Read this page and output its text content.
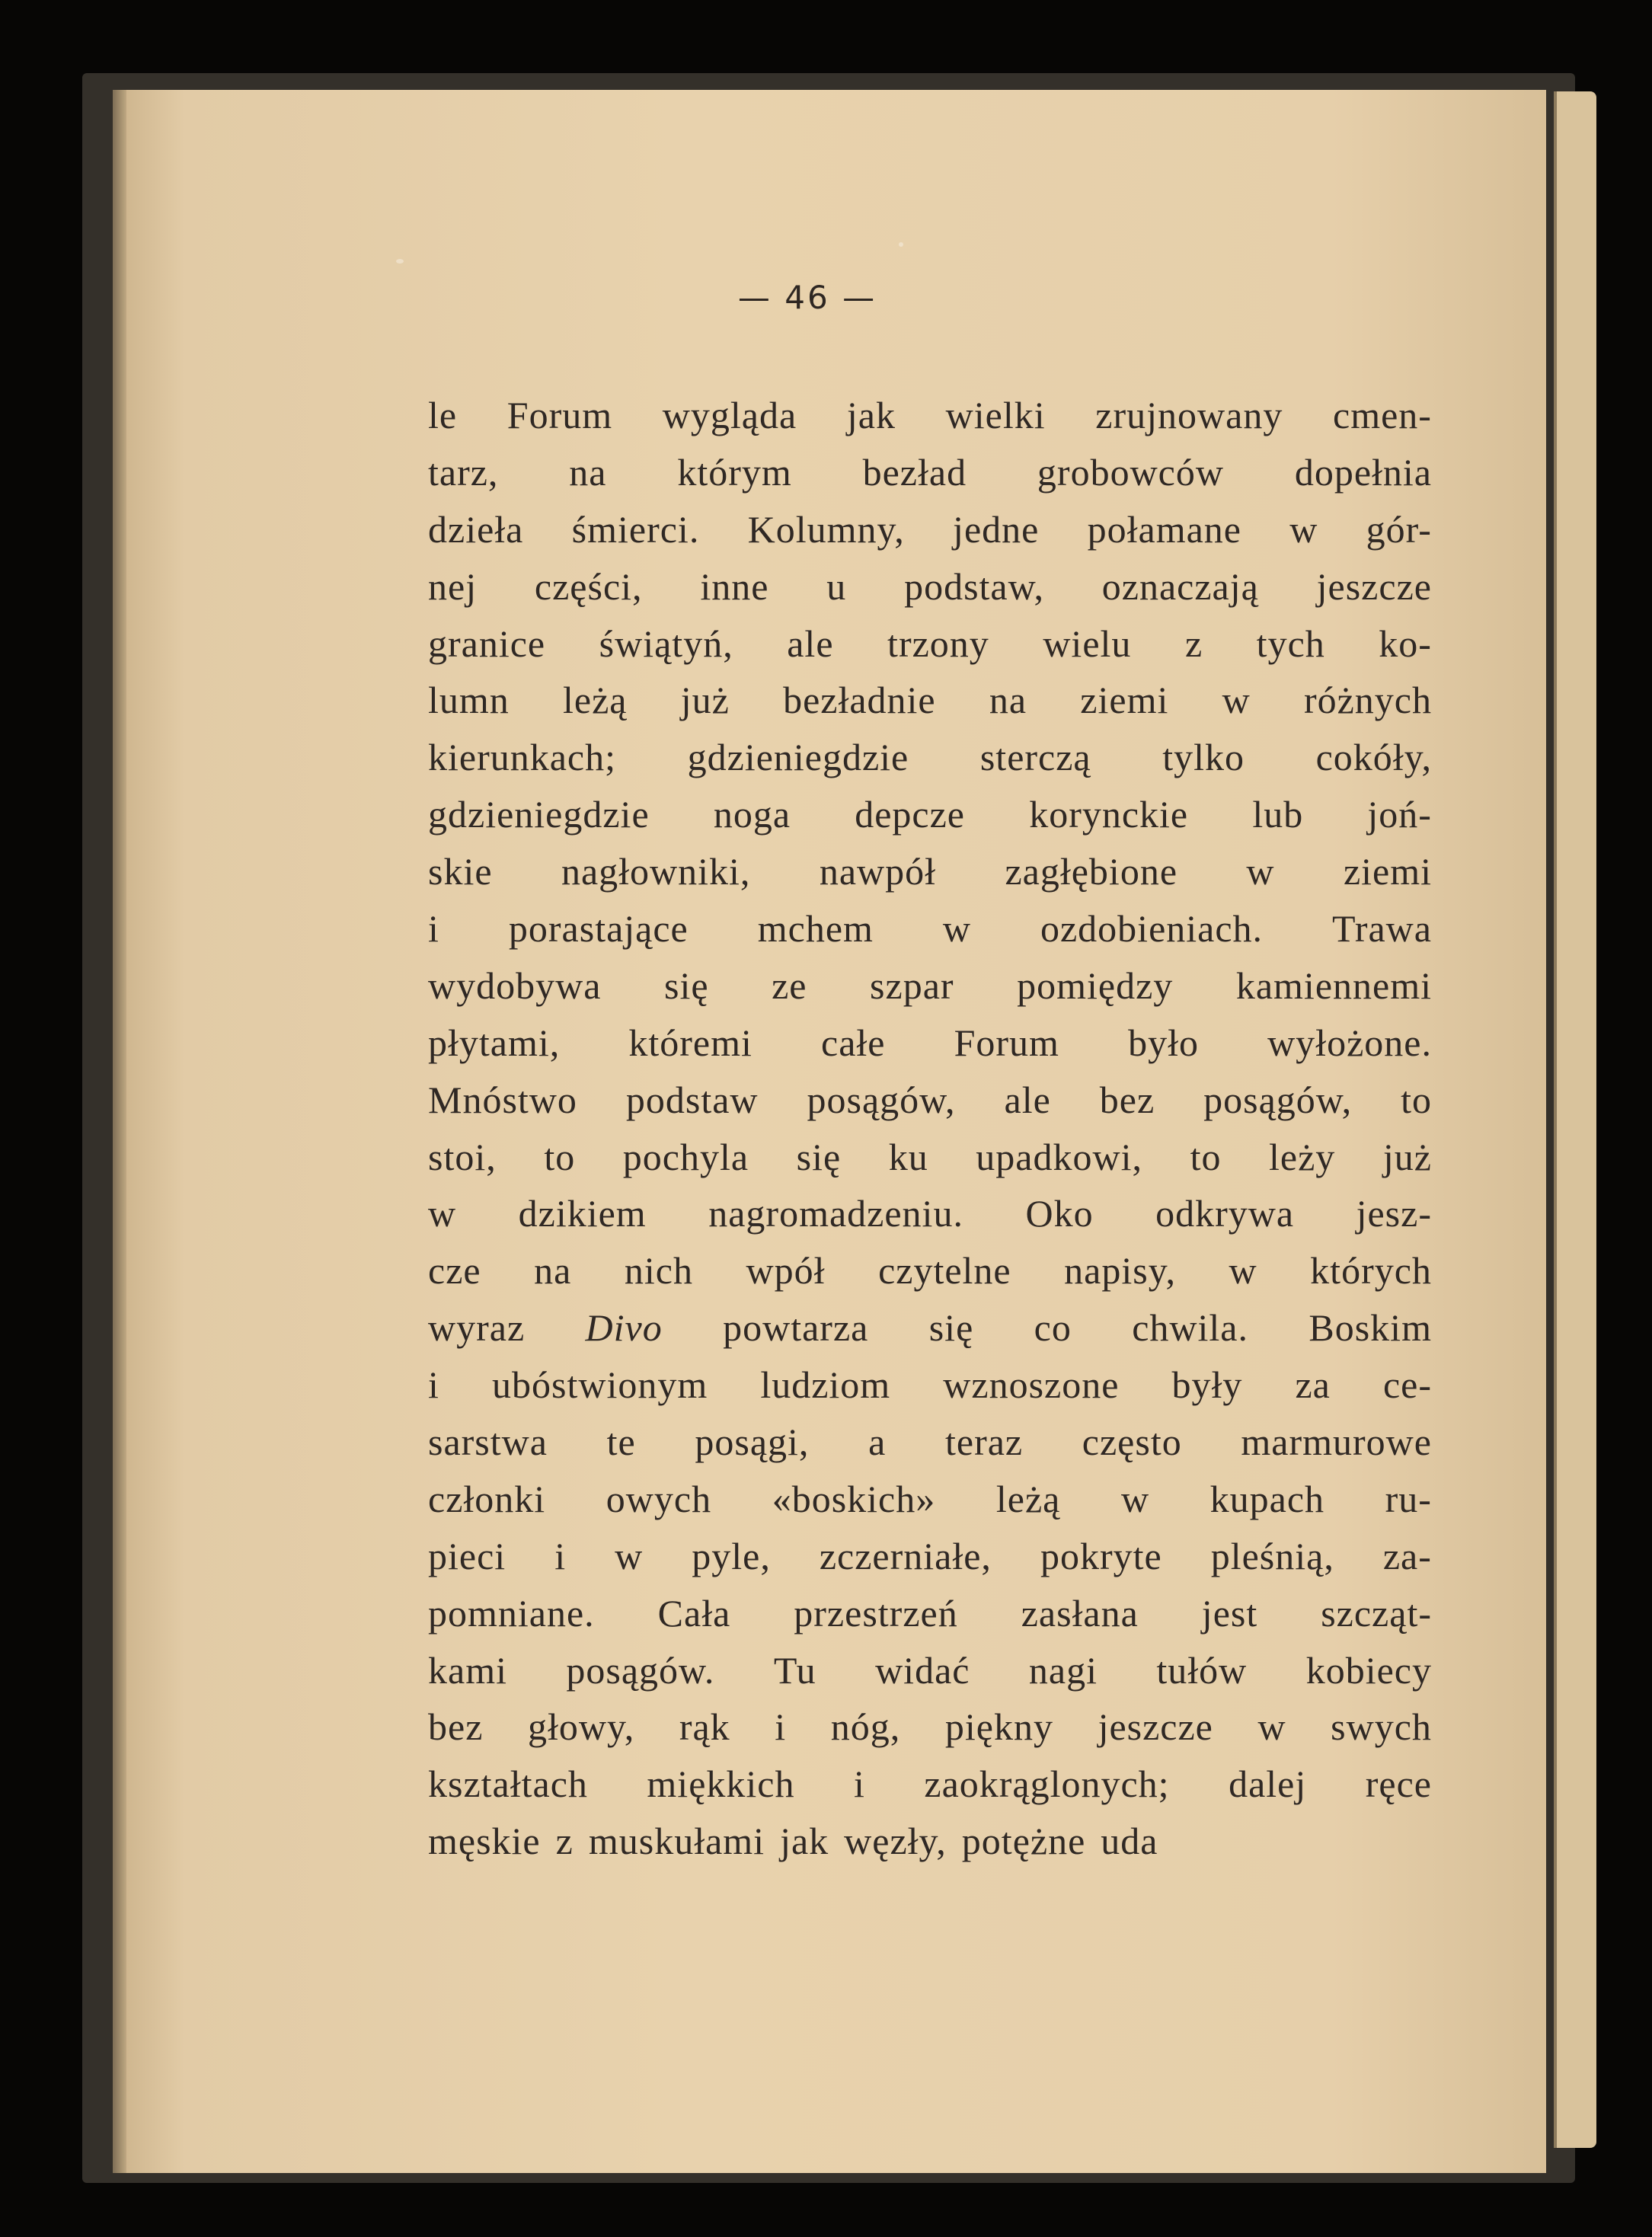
— 46 —
le Forum wygląda jak wielki zrujnowany cmen-
tarz, na którym bezład grobowców dopełnia
dzieła śmierci. Kolumny, jedne połamane w gór-
nej części, inne u podstaw, oznaczają jeszcze
granice świątyń, ale trzony wielu z tych ko-
lumn leżą już bezładnie na ziemi w różnych
kierunkach; gdzieniegdzie sterczą tylko cokóły,
gdzieniegdzie noga depcze korynckie lub joń-
skie nagłowniki, nawpół zagłębione w ziemi
i porastające mchem w ozdobieniach. Trawa
wydobywa się ze szpar pomiędzy kamiennemi
płytami, któremi całe Forum było wyłożone.
Mnóstwo podstaw posągów, ale bez posągów, to
stoi, to pochyla się ku upadkowi, to leży już
w dzikiem nagromadzeniu. Oko odkrywa jesz-
cze na nich wpół czytelne napisy, w których
wyraz Divo powtarza się co chwila. Boskim
i ubóstwionym ludziom wznoszone były za ce-
sarstwa te posągi, a teraz często marmurowe
członki owych «boskich» leżą w kupach ru-
pieci i w pyle, zczerniałe, pokryte pleśnią, za-
pomniane. Cała przestrzeń zasłana jest szcząt-
kami posągów. Tu widać nagi tułów kobiecy
bez głowy, rąk i nóg, piękny jeszcze w swych
kształtach miękkich i zaokrąglonych; dalej ręce
męskie z muskułami jak węzły, potężne uda
